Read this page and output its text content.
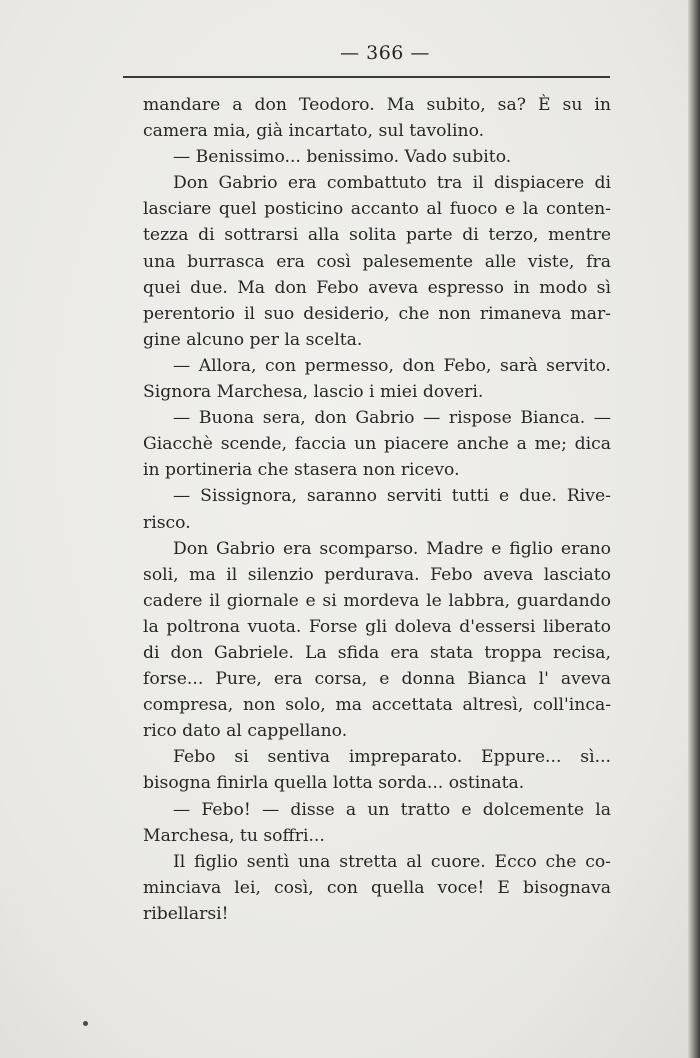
— 366 —
mandare a don Teodoro. Ma subito, sa? È su in
camera mia, già incartato, sul tavolino.
— Benissimo... benissimo. Vado subito.
Don Gabrio era combattuto tra il dispiacere di
lasciare quel posticino accanto al fuoco e la conten-
tezza di sottrarsi alla solita parte di terzo, mentre
una burrasca era così palesemente alle viste, fra
quei due. Ma don Febo aveva espresso in modo sì
perentorio il suo desiderio, che non rimaneva mar-
gine alcuno per la scelta.
— Allora, con permesso, don Febo, sarà servito.
Signora Marchesa, lascio i miei doveri.
— Buona sera, don Gabrio — rispose Bianca. —
Giacchè scende, faccia un piacere anche a me; dica
in portineria che stasera non ricevo.
— Sissignora, saranno serviti tutti e due. Rive-
risco.
Don Gabrio era scomparso. Madre e figlio erano
soli, ma il silenzio perdurava. Febo aveva lasciato
cadere il giornale e si mordeva le labbra, guardando
la poltrona vuota. Forse gli doleva d'essersi liberato
di don Gabriele. La sfida era stata troppa recisa,
forse... Pure, era corsa, e donna Bianca l' aveva
compresa, non solo, ma accettata altresì, coll'inca-
rico dato al cappellano.
Febo si sentiva impreparato. Eppure... sì...
bisogna finirla quella lotta sorda... ostinata.
— Febo! — disse a un tratto e dolcemente la
Marchesa, tu soffri...
Il figlio sentì una stretta al cuore. Ecco che co-
minciava lei, così, con quella voce! E bisognava
ribellarsi!
